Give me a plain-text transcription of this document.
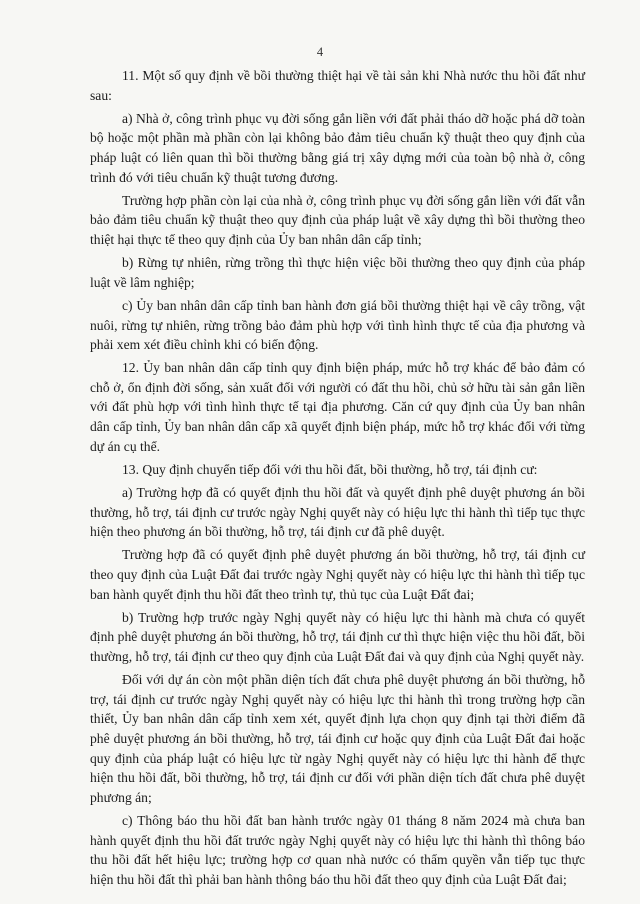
4

11. Một số quy định về bồi thường thiệt hại về tài sản khi Nhà nước thu hồi đất như sau:

a) Nhà ở, công trình phục vụ đời sống gắn liền với đất phải tháo dỡ hoặc phá dỡ toàn bộ hoặc một phần mà phần còn lại không bảo đảm tiêu chuẩn kỹ thuật theo quy định của pháp luật có liên quan thì bồi thường bằng giá trị xây dựng mới của toàn bộ nhà ở, công trình đó với tiêu chuẩn kỹ thuật tương đương.

Trường hợp phần còn lại của nhà ở, công trình phục vụ đời sống gắn liền với đất vẫn bảo đảm tiêu chuẩn kỹ thuật theo quy định của pháp luật về xây dựng thì bồi thường theo thiệt hại thực tế theo quy định của Ủy ban nhân dân cấp tỉnh;

b) Rừng tự nhiên, rừng trồng thì thực hiện việc bồi thường theo quy định của pháp luật về lâm nghiệp;

c) Ủy ban nhân dân cấp tỉnh ban hành đơn giá bồi thường thiệt hại về cây trồng, vật nuôi, rừng tự nhiên, rừng trồng bảo đảm phù hợp với tình hình thực tế của địa phương và phải xem xét điều chỉnh khi có biến động.

12. Ủy ban nhân dân cấp tỉnh quy định biện pháp, mức hỗ trợ khác để bảo đảm có chỗ ở, ổn định đời sống, sản xuất đối với người có đất thu hồi, chủ sở hữu tài sản gắn liền với đất phù hợp với tình hình thực tế tại địa phương. Căn cứ quy định của Ủy ban nhân dân cấp tỉnh, Ủy ban nhân dân cấp xã quyết định biện pháp, mức hỗ trợ khác đối với từng dự án cụ thể.

13. Quy định chuyển tiếp đối với thu hồi đất, bồi thường, hỗ trợ, tái định cư:

a) Trường hợp đã có quyết định thu hồi đất và quyết định phê duyệt phương án bồi thường, hỗ trợ, tái định cư trước ngày Nghị quyết này có hiệu lực thi hành thì tiếp tục thực hiện theo phương án bồi thường, hỗ trợ, tái định cư đã phê duyệt.

Trường hợp đã có quyết định phê duyệt phương án bồi thường, hỗ trợ, tái định cư theo quy định của Luật Đất đai trước ngày Nghị quyết này có hiệu lực thi hành thì tiếp tục ban hành quyết định thu hồi đất theo trình tự, thủ tục của Luật Đất đai;

b) Trường hợp trước ngày Nghị quyết này có hiệu lực thi hành mà chưa có quyết định phê duyệt phương án bồi thường, hỗ trợ, tái định cư thì thực hiện việc thu hồi đất, bồi thường, hỗ trợ, tái định cư theo quy định của Luật Đất đai và quy định của Nghị quyết này.

Đối với dự án còn một phần diện tích đất chưa phê duyệt phương án bồi thường, hỗ trợ, tái định cư trước ngày Nghị quyết này có hiệu lực thi hành thì trong trường hợp cần thiết, Ủy ban nhân dân cấp tỉnh xem xét, quyết định lựa chọn quy định tại thời điểm đã phê duyệt phương án bồi thường, hỗ trợ, tái định cư hoặc quy định của Luật Đất đai hoặc quy định của pháp luật có hiệu lực từ ngày Nghị quyết này có hiệu lực thi hành để thực hiện thu hồi đất, bồi thường, hỗ trợ, tái định cư đối với phần diện tích đất chưa phê duyệt phương án;

c) Thông báo thu hồi đất ban hành trước ngày 01 tháng 8 năm 2024 mà chưa ban hành quyết định thu hồi đất trước ngày Nghị quyết này có hiệu lực thi hành thì thông báo thu hồi đất hết hiệu lực; trường hợp cơ quan nhà nước có thẩm quyền vẫn tiếp tục thực hiện thu hồi đất thì phải ban hành thông báo thu hồi đất theo quy định của Luật Đất đai;
